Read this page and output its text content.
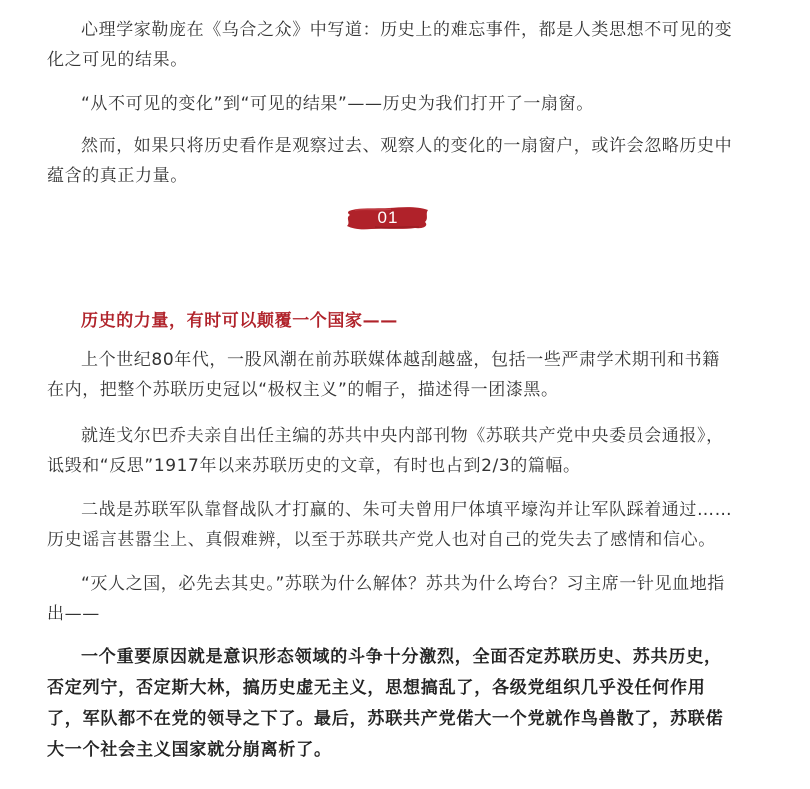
心理学家勒庞在《乌合之众》中写道：历史上的难忘事件，都是人类思想不可见的变化之可见的结果。

“从不可见的变化”到“可见的结果”——历史为我们打开了一扇窗。

然而，如果只将历史看作是观察过去、观察人的变化的一扇窗户，或许会忽略历史中蕴含的真正力量。

上个世纪80年代，一股风潮在前苏联媒体越刮越盛，包括一些严肃学术期刊和书籍在内，把整个苏联历史冠以“极权主义”的帽子，描述得一团漆黑。

就连戈尔巴乔夫亲自出任主编的苏共中央内部刊物《苏联共产党中央委员会通报》，诋毁和“反思”1917年以来苏联历史的文章，有时也占到2/3的篇幅。

二战是苏联军队靠督战队才打赢的、朱可夫曾用尸体填平壕沟并让军队踩着通过……历史谣言甚嚣尘上、真假难辨，以至于苏联共产党人也对自己的党失去了感情和信心。

“灭人之国，必先去其史。”苏联为什么解体？苏共为什么垮台？习主席一针见血地指出——

一个重要原因就是意识形态领域的斗争十分激烈，全面否定苏联历史、苏共历史，否定列宁，否定斯大林，搞历史虚无主义，思想搞乱了，各级党组织几乎没任何作用了，军队都不在党的领导之下了。最后，苏联共产党偌大一个党就作鸟兽散了，苏联偌大一个社会主义国家就分崩离析了。

历史的力量，有时可以颠覆一个国家——
01
